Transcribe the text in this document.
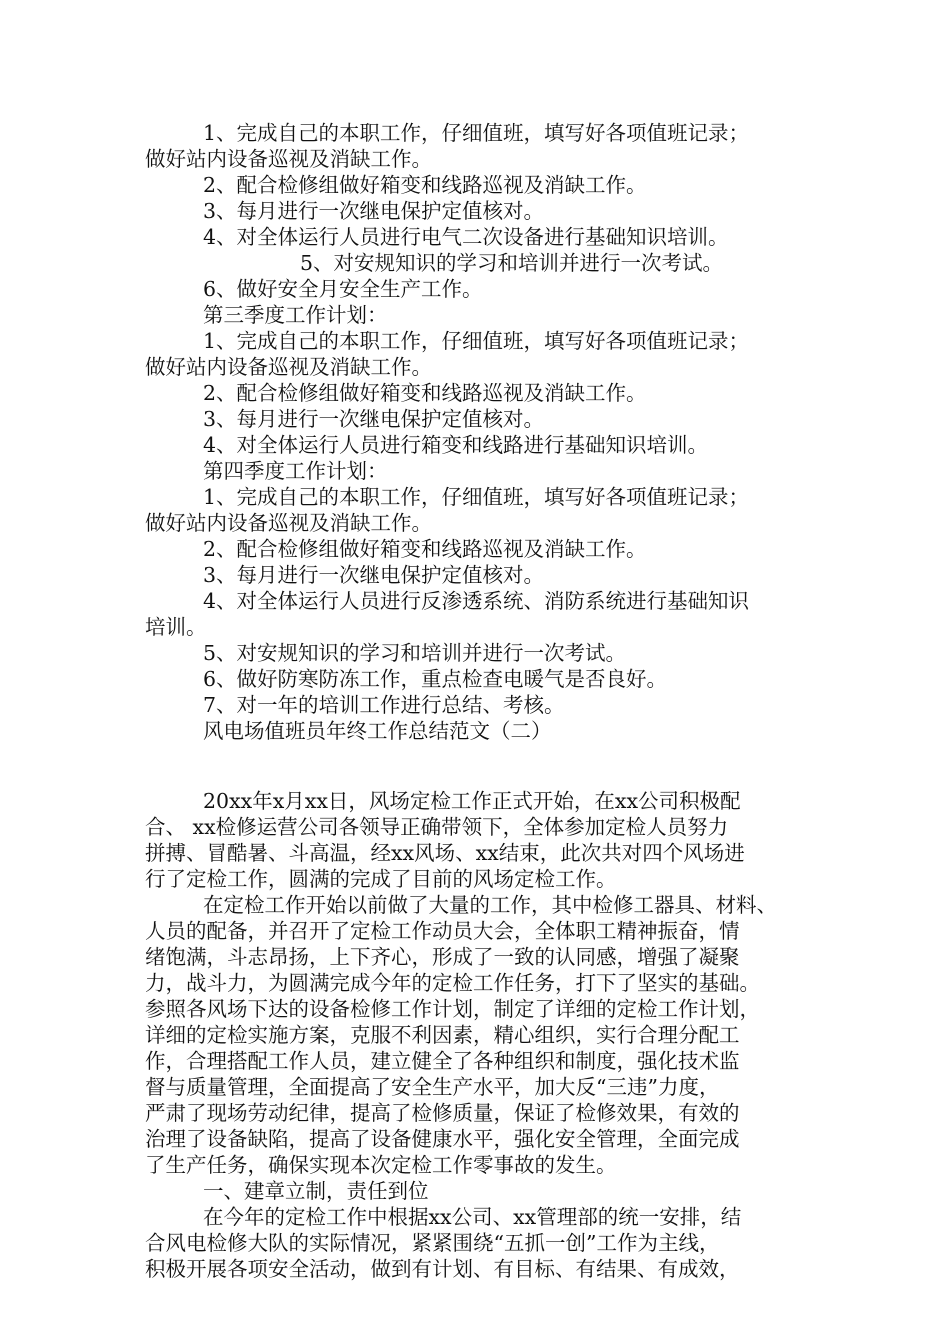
1、完成自己的本职工作，仔细值班，填写好各项值班记录；
做好站内设备巡视及消缺工作。
2、配合检修组做好箱变和线路巡视及消缺工作。
3、每月进行一次继电保护定值核对。
4、对全体运行人员进行电气二次设备进行基础知识培训。
5、对安规知识的学习和培训并进行一次考试。
6、做好安全月安全生产工作。
第三季度工作计划：
1、完成自己的本职工作，仔细值班，填写好各项值班记录；
做好站内设备巡视及消缺工作。
2、配合检修组做好箱变和线路巡视及消缺工作。
3、每月进行一次继电保护定值核对。
4、对全体运行人员进行箱变和线路进行基础知识培训。
第四季度工作计划：
1、完成自己的本职工作，仔细值班，填写好各项值班记录；
做好站内设备巡视及消缺工作。
2、配合检修组做好箱变和线路巡视及消缺工作。
3、每月进行一次继电保护定值核对。
4、对全体运行人员进行反渗透系统、消防系统进行基础知识
培训。
5、对安规知识的学习和培训并进行一次考试。
6、做好防寒防冻工作，重点检查电暖气是否良好。
7、对一年的培训工作进行总结、考核。
风电场值班员年终工作总结范文（二）
20xx年x月xx日，风场定检工作正式开始，在xx公司积极配
合、 xx检修运营公司各领导正确带领下，全体参加定检人员努力
拼搏、冒酷暑、斗高温，经xx风场、xx结束，此次共对四个风场进
行了定检工作，圆满的完成了目前的风场定检工作。
在定检工作开始以前做了大量的工作，其中检修工器具、材料、
人员的配备，并召开了定检工作动员大会，全体职工精神振奋，情
绪饱满，斗志昂扬，上下齐心，形成了一致的认同感，增强了凝聚
力，战斗力，为圆满完成今年的定检工作任务，打下了坚实的基础。
参照各风场下达的设备检修工作计划，制定了详细的定检工作计划，
详细的定检实施方案，克服不利因素，精心组织，实行合理分配工
作，合理搭配工作人员，建立健全了各种组织和制度，强化技术监
督与质量管理，全面提高了安全生产水平，加大反“三违”力度，
严肃了现场劳动纪律，提高了检修质量，保证了检修效果，有效的
治理了设备缺陷，提高了设备健康水平，强化安全管理，全面完成
了生产任务，确保实现本次定检工作零事故的发生。
一、建章立制，责任到位
在今年的定检工作中根据xx公司、xx管理部的统一安排，结
合风电检修大队的实际情况，紧紧围绕“五抓一创”工作为主线，
积极开展各项安全活动，做到有计划、有目标、有结果、有成效，
